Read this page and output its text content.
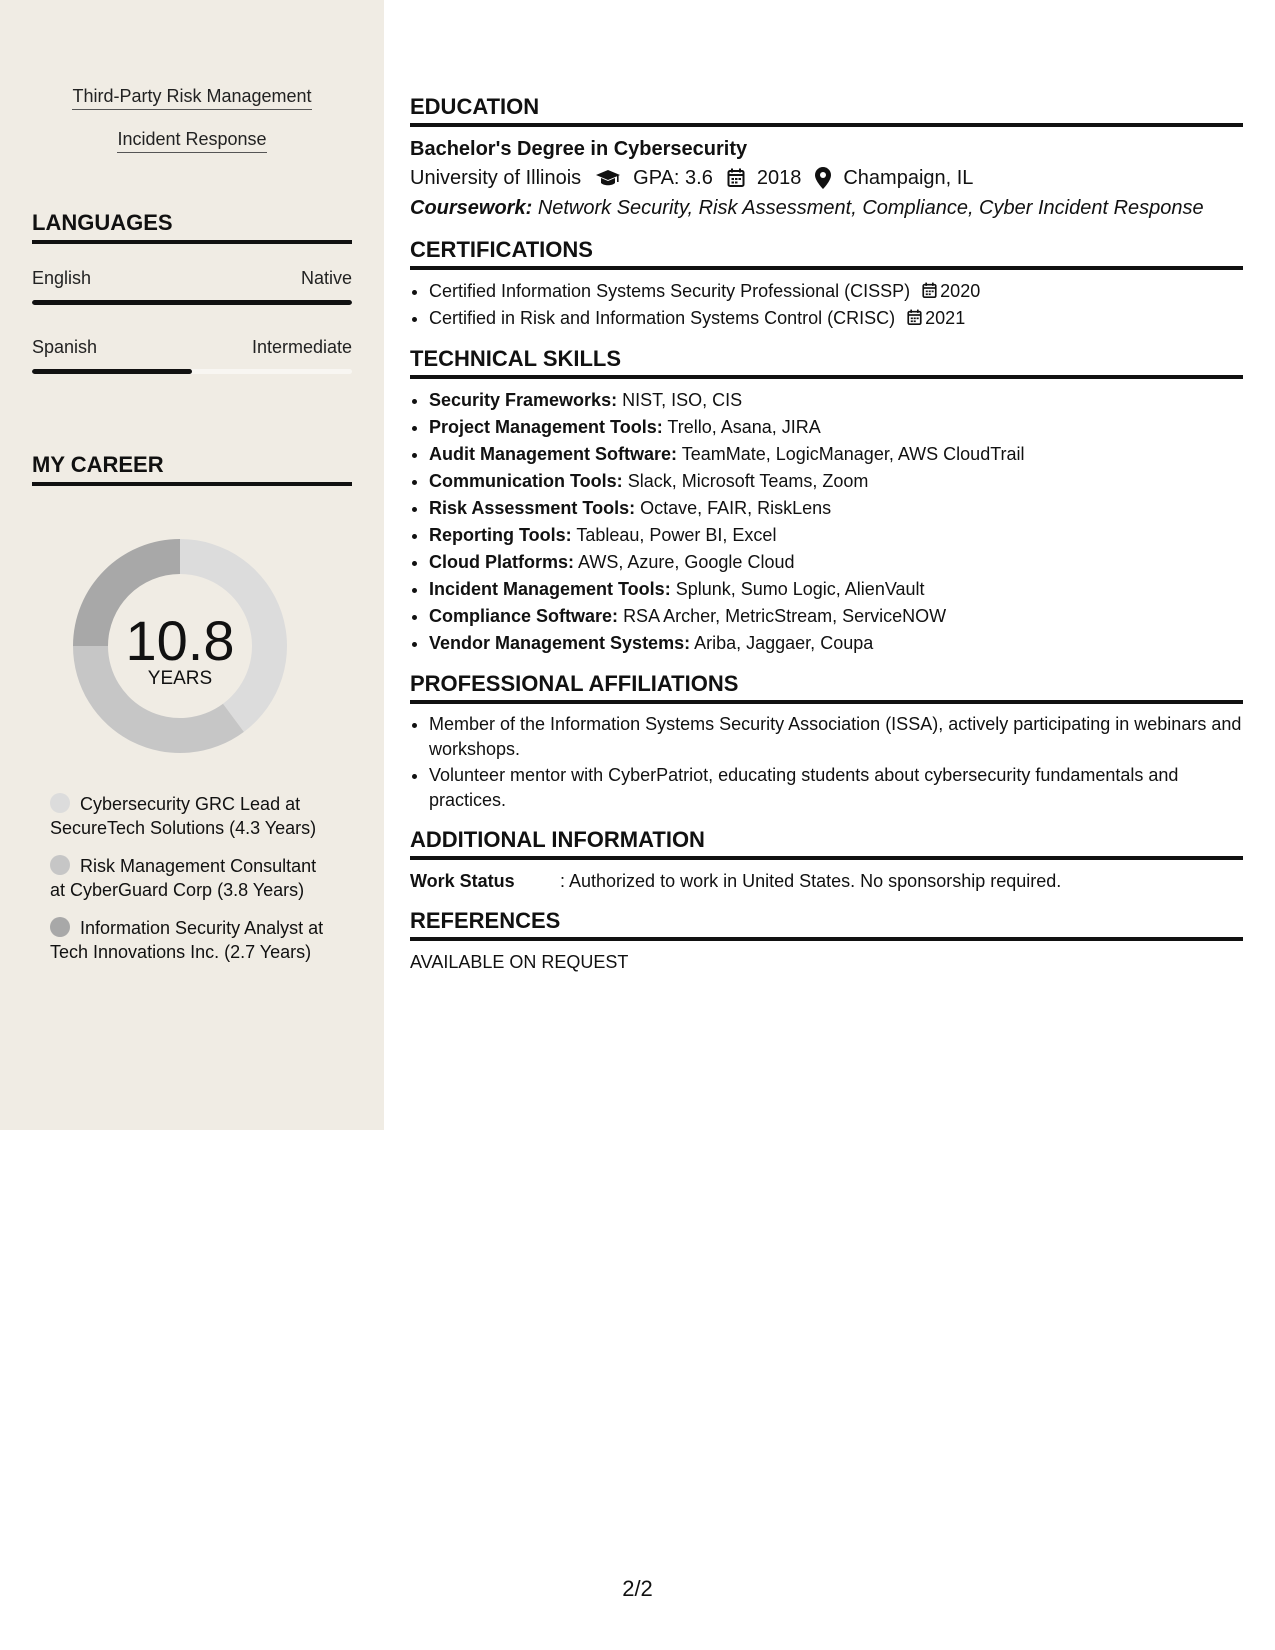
Third-Party Risk Management
Incident Response
LANGUAGES
English	Native
Spanish	Intermediate
MY CAREER
10.8
YEARS
Cybersecurity GRC Lead at SecureTech Solutions (4.3 Years)
Risk Management Consultant at CyberGuard Corp (3.8 Years)
Information Security Analyst at Tech Innovations Inc. (2.7 Years)
EDUCATION
Bachelor's Degree in Cybersecurity
University of Illinois	GPA: 3.6 2018 Champaign, IL
Coursework: Network Security, Risk Assessment, Compliance, Cyber Incident Response
CERTIFICATIONS
• Certified Information Systems Security Professional (CISSP) 2020
• Certified in Risk and Information Systems Control (CRISC) 2021
TECHNICAL SKILLS
• Security Frameworks: NIST, ISO, CIS
• Project Management Tools: Trello, Asana, JIRA
• Audit Management Software: TeamMate, LogicManager, AWS CloudTrail
• Communication Tools: Slack, Microsoft Teams, Zoom
• Risk Assessment Tools: Octave, FAIR, RiskLens
• Reporting Tools: Tableau, Power BI, Excel
• Cloud Platforms: AWS, Azure, Google Cloud
• Incident Management Tools: Splunk, Sumo Logic, AlienVault
• Compliance Software: RSA Archer, MetricStream, ServiceNOW
• Vendor Management Systems: Ariba, Jaggaer, Coupa
PROFESSIONAL AFFILIATIONS
• Member of the Information Systems Security Association (ISSA), actively participating in webinars and workshops.
• Volunteer mentor with CyberPatriot, educating students about cybersecurity fundamentals and practices.
ADDITIONAL INFORMATION
Work Status	: Authorized to work in United States. No sponsorship required.
REFERENCES
AVAILABLE ON REQUEST
2/2
